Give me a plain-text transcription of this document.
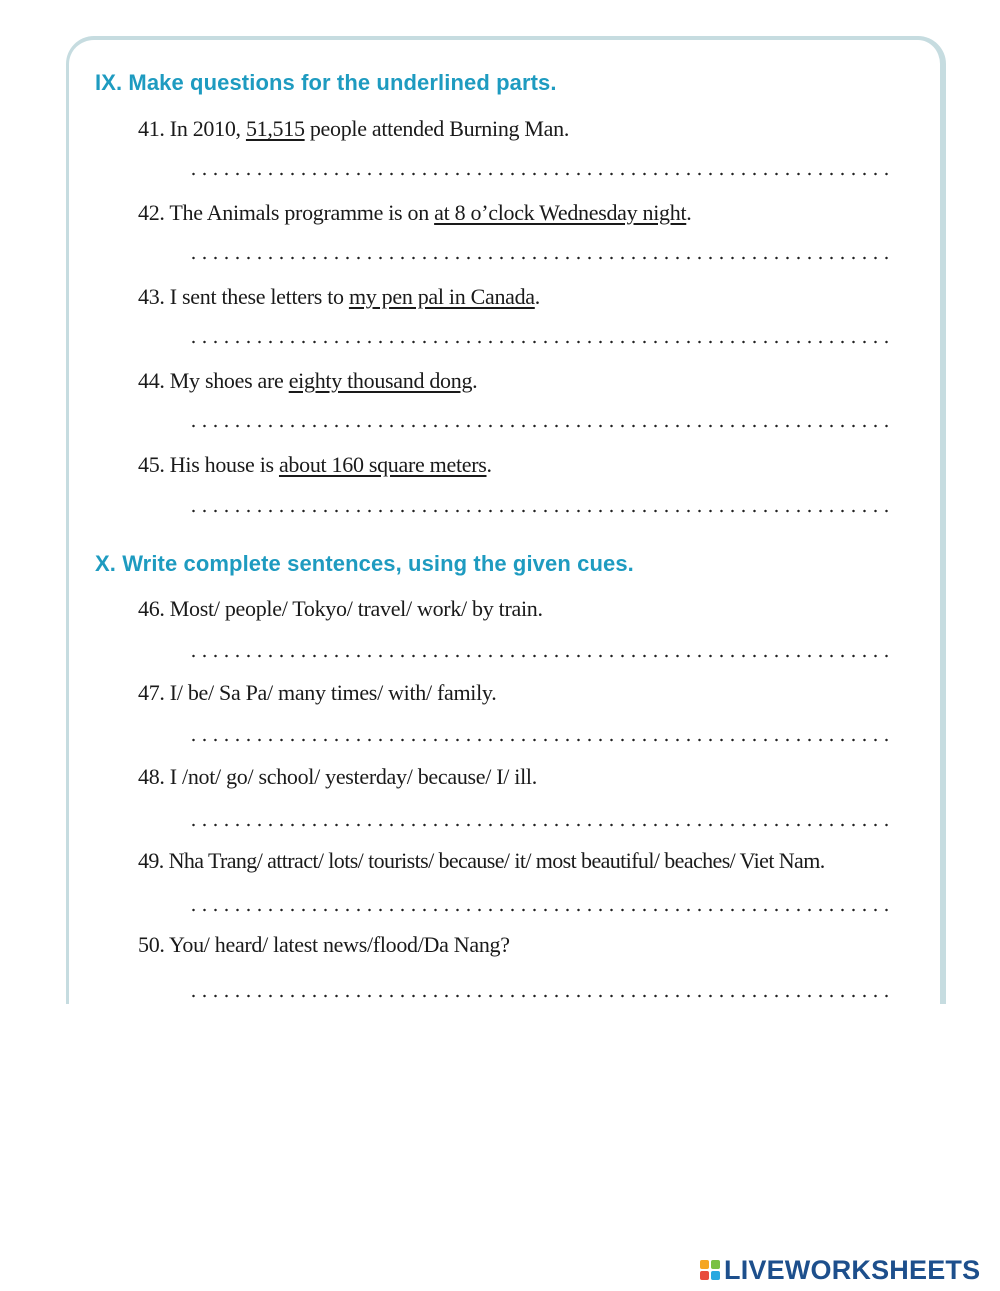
IX. Make questions for the underlined parts.
41. In 2010, 51,515 people attended Burning Man.
42. The Animals programme is on at 8 o’clock Wednesday night.
43. I sent these letters to my pen pal in Canada.
44. My shoes are eighty thousand dong.
45. His house is about 160 square meters.
X. Write complete sentences, using the given cues.
46. Most/ people/ Tokyo/ travel/ work/ by train.
47. I/ be/ Sa Pa/ many times/ with/ family.
48. I /not/ go/ school/ yesterday/ because/ I/ ill.
49. Nha Trang/ attract/ lots/ tourists/ because/ it/ most beautiful/ beaches/ Viet Nam.
50. You/ heard/ latest news/flood/Da Nang?
LIVEWORKSHEETS
